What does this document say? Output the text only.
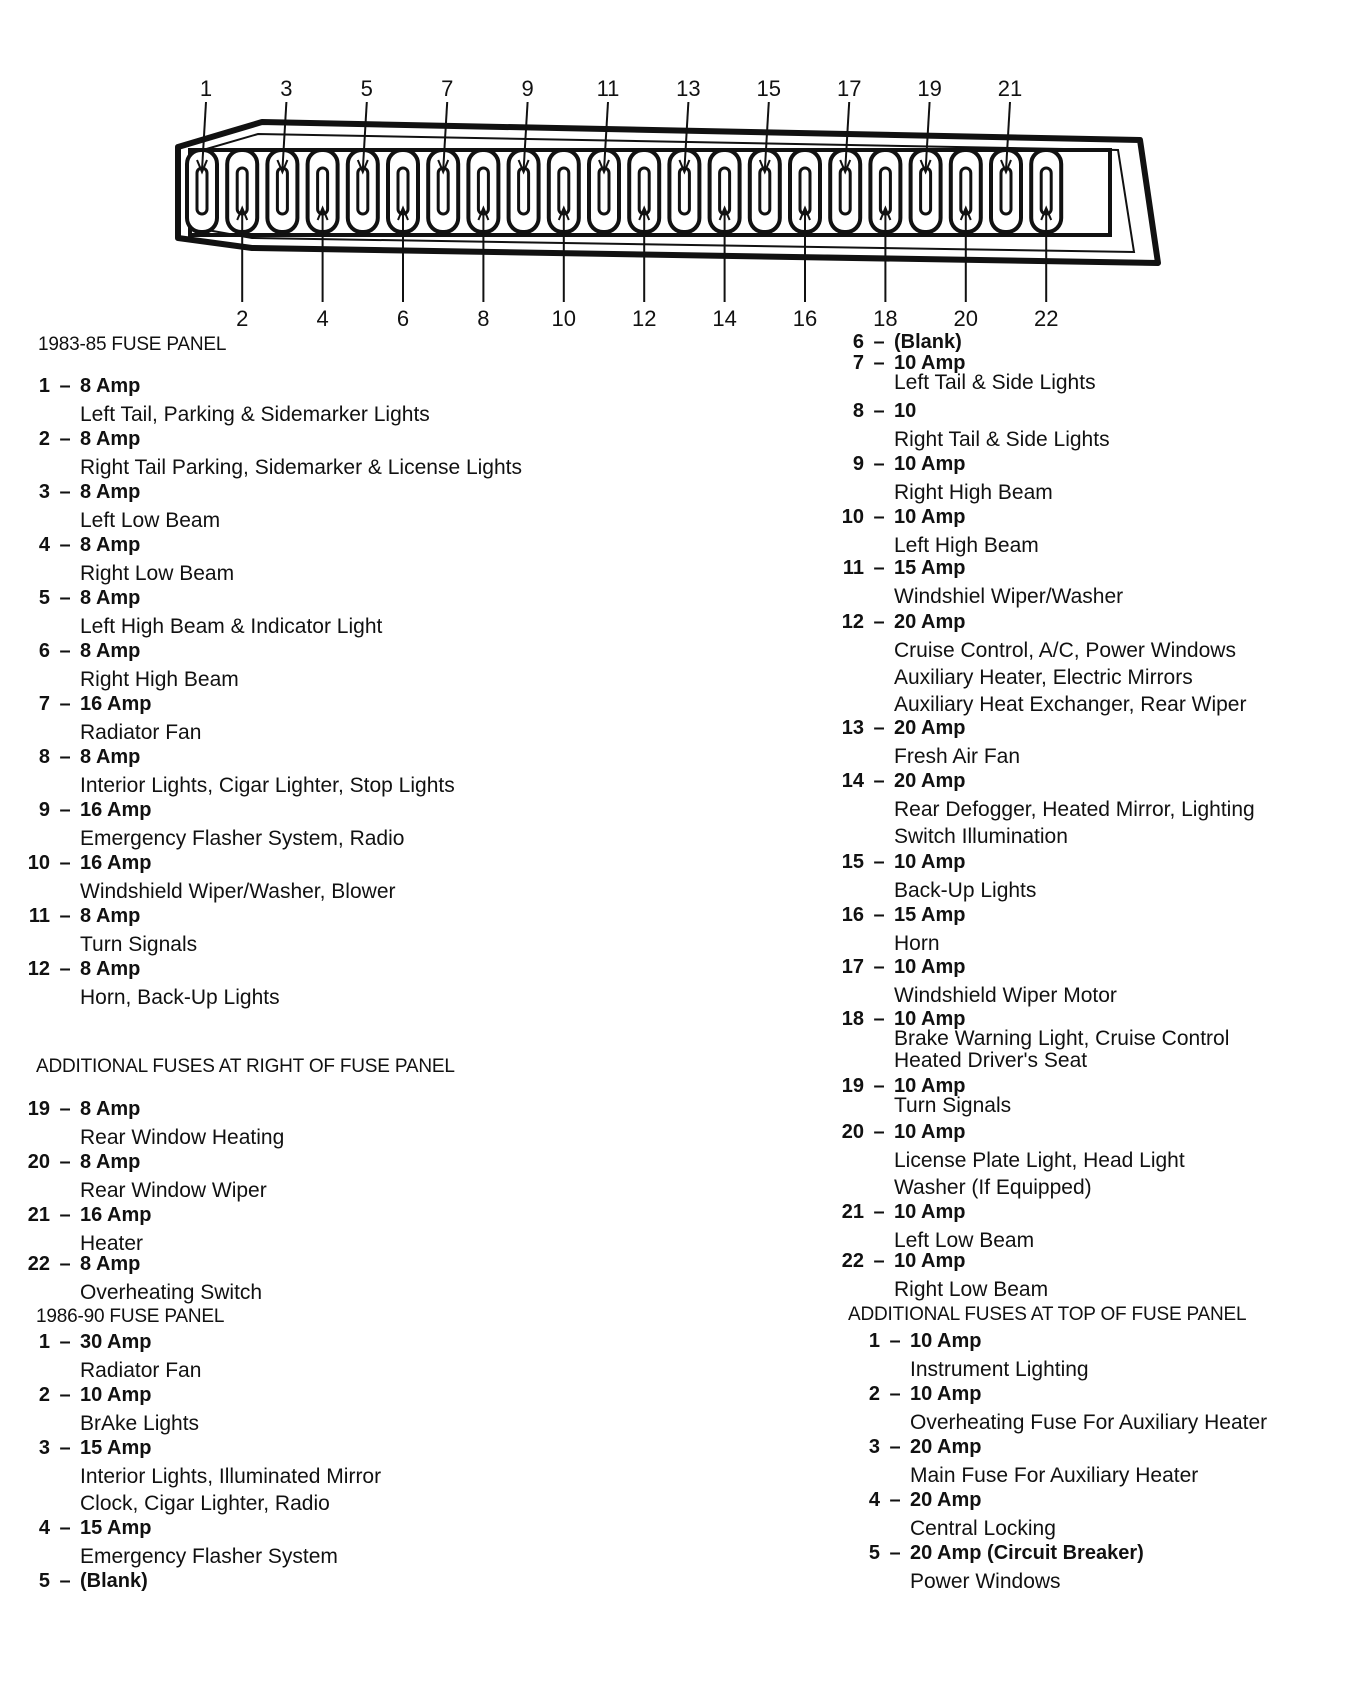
1	3	5	7	9	11	13	15	17	19	21
2	4	6	8	10	12	14	16	18	20	22
1983-85 FUSE PANEL
1 – 8 Amp
Left Tail, Parking & Sidemarker Lights
2 – 8 Amp
Right Tail Parking, Sidemarker & License Lights
3 – 8 Amp
Left Low Beam
4 – 8 Amp
Right Low Beam
5 – 8 Amp
Left High Beam & Indicator Light
6 – 8 Amp
Right High Beam
7 – 16 Amp
Radiator Fan
8 – 8 Amp
Interior Lights, Cigar Lighter, Stop Lights
9 – 16 Amp
Emergency Flasher System, Radio
10 – 16 Amp
Windshield Wiper/Washer, Blower
11 – 8 Amp
Turn Signals
12 – 8 Amp
Horn, Back-Up Lights
ADDITIONAL FUSES AT RIGHT OF FUSE PANEL
19 – 8 Amp
Rear Window Heating
20 – 8 Amp
Rear Window Wiper
21 – 16 Amp
Heater
22 – 8 Amp
Overheating Switch
1986-90 FUSE PANEL
1 – 30 Amp
Radiator Fan
2 – 10 Amp
BrAke Lights
3 – 15 Amp
Interior Lights, Illuminated Mirror
Clock, Cigar Lighter, Radio
4 – 15 Amp
Emergency Flasher System
5 – (Blank)
6 – (Blank)
7 – 10 Amp
Left Tail & Side Lights
8 – 10
Right Tail & Side Lights
9 – 10 Amp
Right High Beam
10 – 10 Amp
Left High Beam
11 – 15 Amp
Windshiel Wiper/Washer
12 – 20 Amp
Cruise Control, A/C, Power Windows
Auxiliary Heater, Electric Mirrors
Auxiliary Heat Exchanger, Rear Wiper
13 – 20 Amp
Fresh Air Fan
14 – 20 Amp
Rear Defogger, Heated Mirror, Lighting
Switch Illumination
15 – 10 Amp
Back-Up Lights
16 – 15 Amp
Horn
17 – 10 Amp
Windshield Wiper Motor
18 – 10 Amp
Brake Warning Light, Cruise Control
Heated Driver's Seat
19 – 10 Amp
Turn Signals
20 – 10 Amp
License Plate Light, Head Light
Washer (If Equipped)
21 – 10 Amp
Left Low Beam
22 – 10 Amp
Right Low Beam
ADDITIONAL FUSES AT TOP OF FUSE PANEL
1 – 10 Amp
Instrument Lighting
2 – 10 Amp
Overheating Fuse For Auxiliary Heater
3 – 20 Amp
Main Fuse For Auxiliary Heater
4 – 20 Amp
Central Locking
5 – 20 Amp (Circuit Breaker)
Power Windows
